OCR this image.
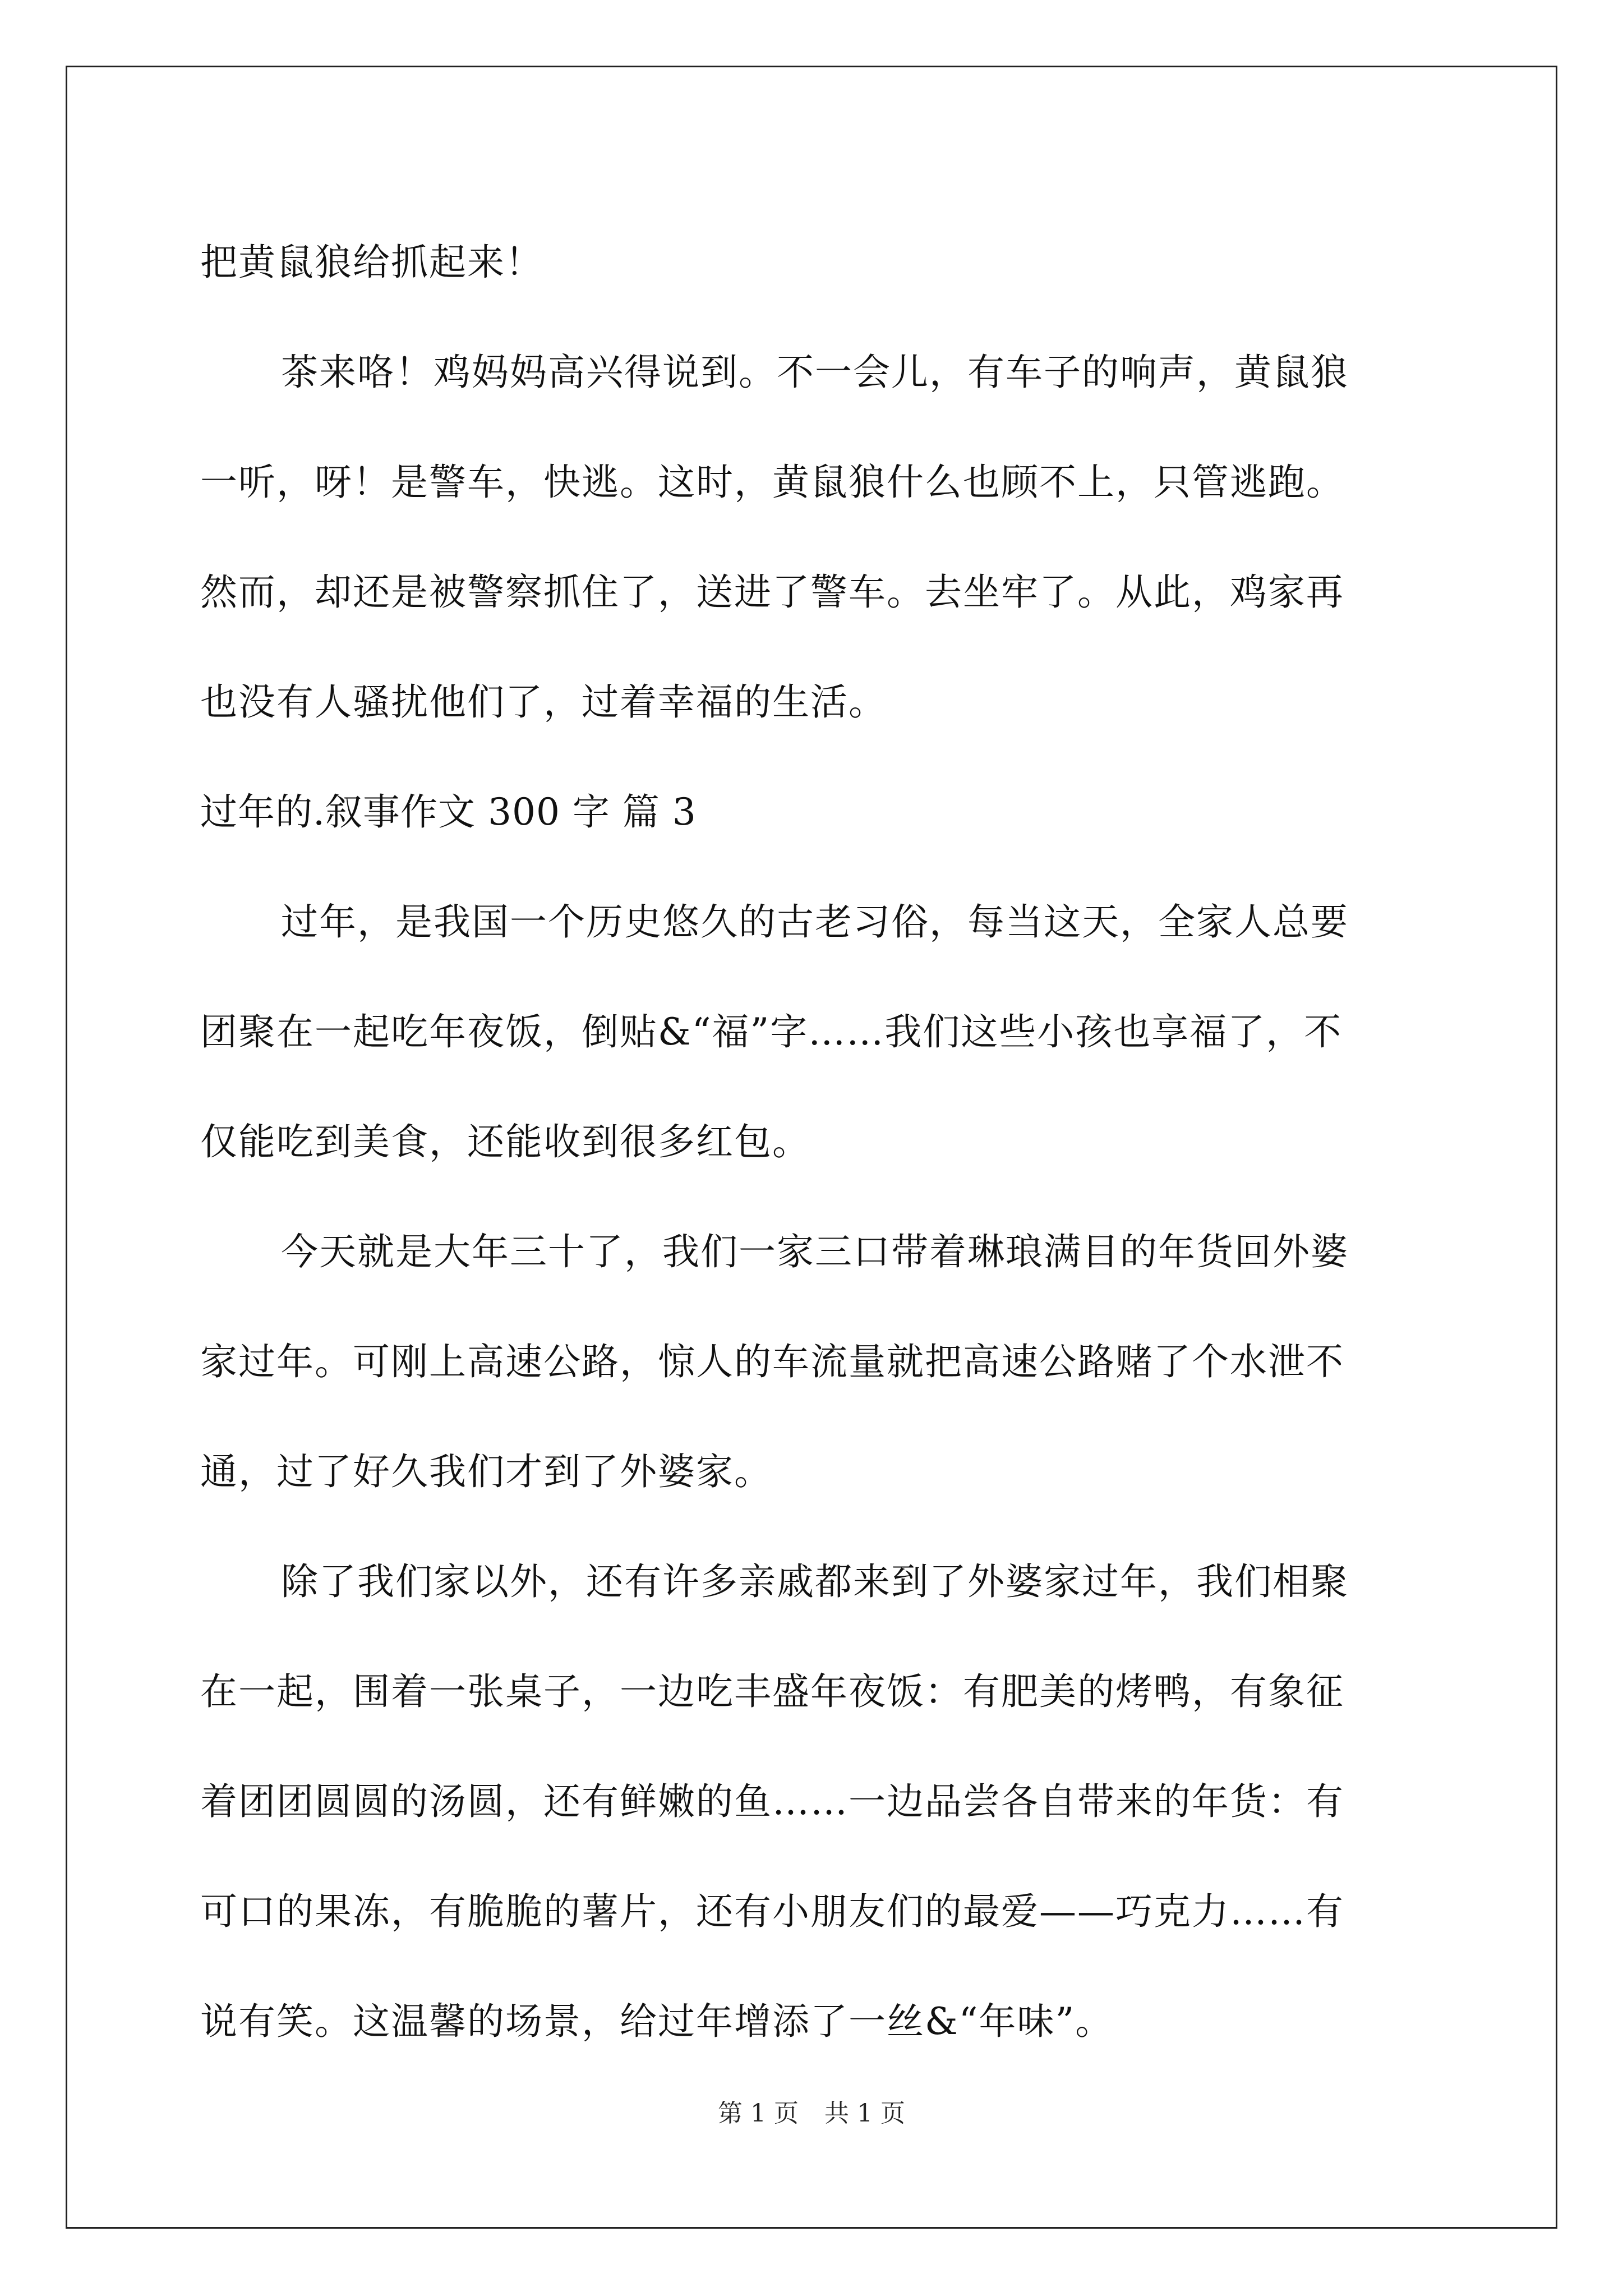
把黄鼠狼给抓起来！
茶来咯！鸡妈妈高兴得说到。不一会儿，有车子的响声，黄鼠狼
一听，呀！是警车，快逃。这时，黄鼠狼什么也顾不上，只管逃跑。
然而，却还是被警察抓住了，送进了警车。去坐牢了。从此，鸡家再
也没有人骚扰他们了，过着幸福的生活。
过年的.叙事作文 300 字 篇 3
过年，是我国一个历史悠久的古老习俗，每当这天，全家人总要
团聚在一起吃年夜饭，倒贴&“福”字……我们这些小孩也享福了，不
仅能吃到美食，还能收到很多红包。
今天就是大年三十了，我们一家三口带着琳琅满目的年货回外婆
家过年。可刚上高速公路，惊人的车流量就把高速公路赌了个水泄不
通，过了好久我们才到了外婆家。
除了我们家以外，还有许多亲戚都来到了外婆家过年，我们相聚
在一起，围着一张桌子，一边吃丰盛年夜饭：有肥美的烤鸭，有象征
着团团圆圆的汤圆，还有鲜嫩的鱼……一边品尝各自带来的年货：有
可口的果冻，有脆脆的薯片，还有小朋友们的最爱——巧克力……有
说有笑。这温馨的场景，给过年增添了一丝&“年味”。
第 1 页 共 1 页
